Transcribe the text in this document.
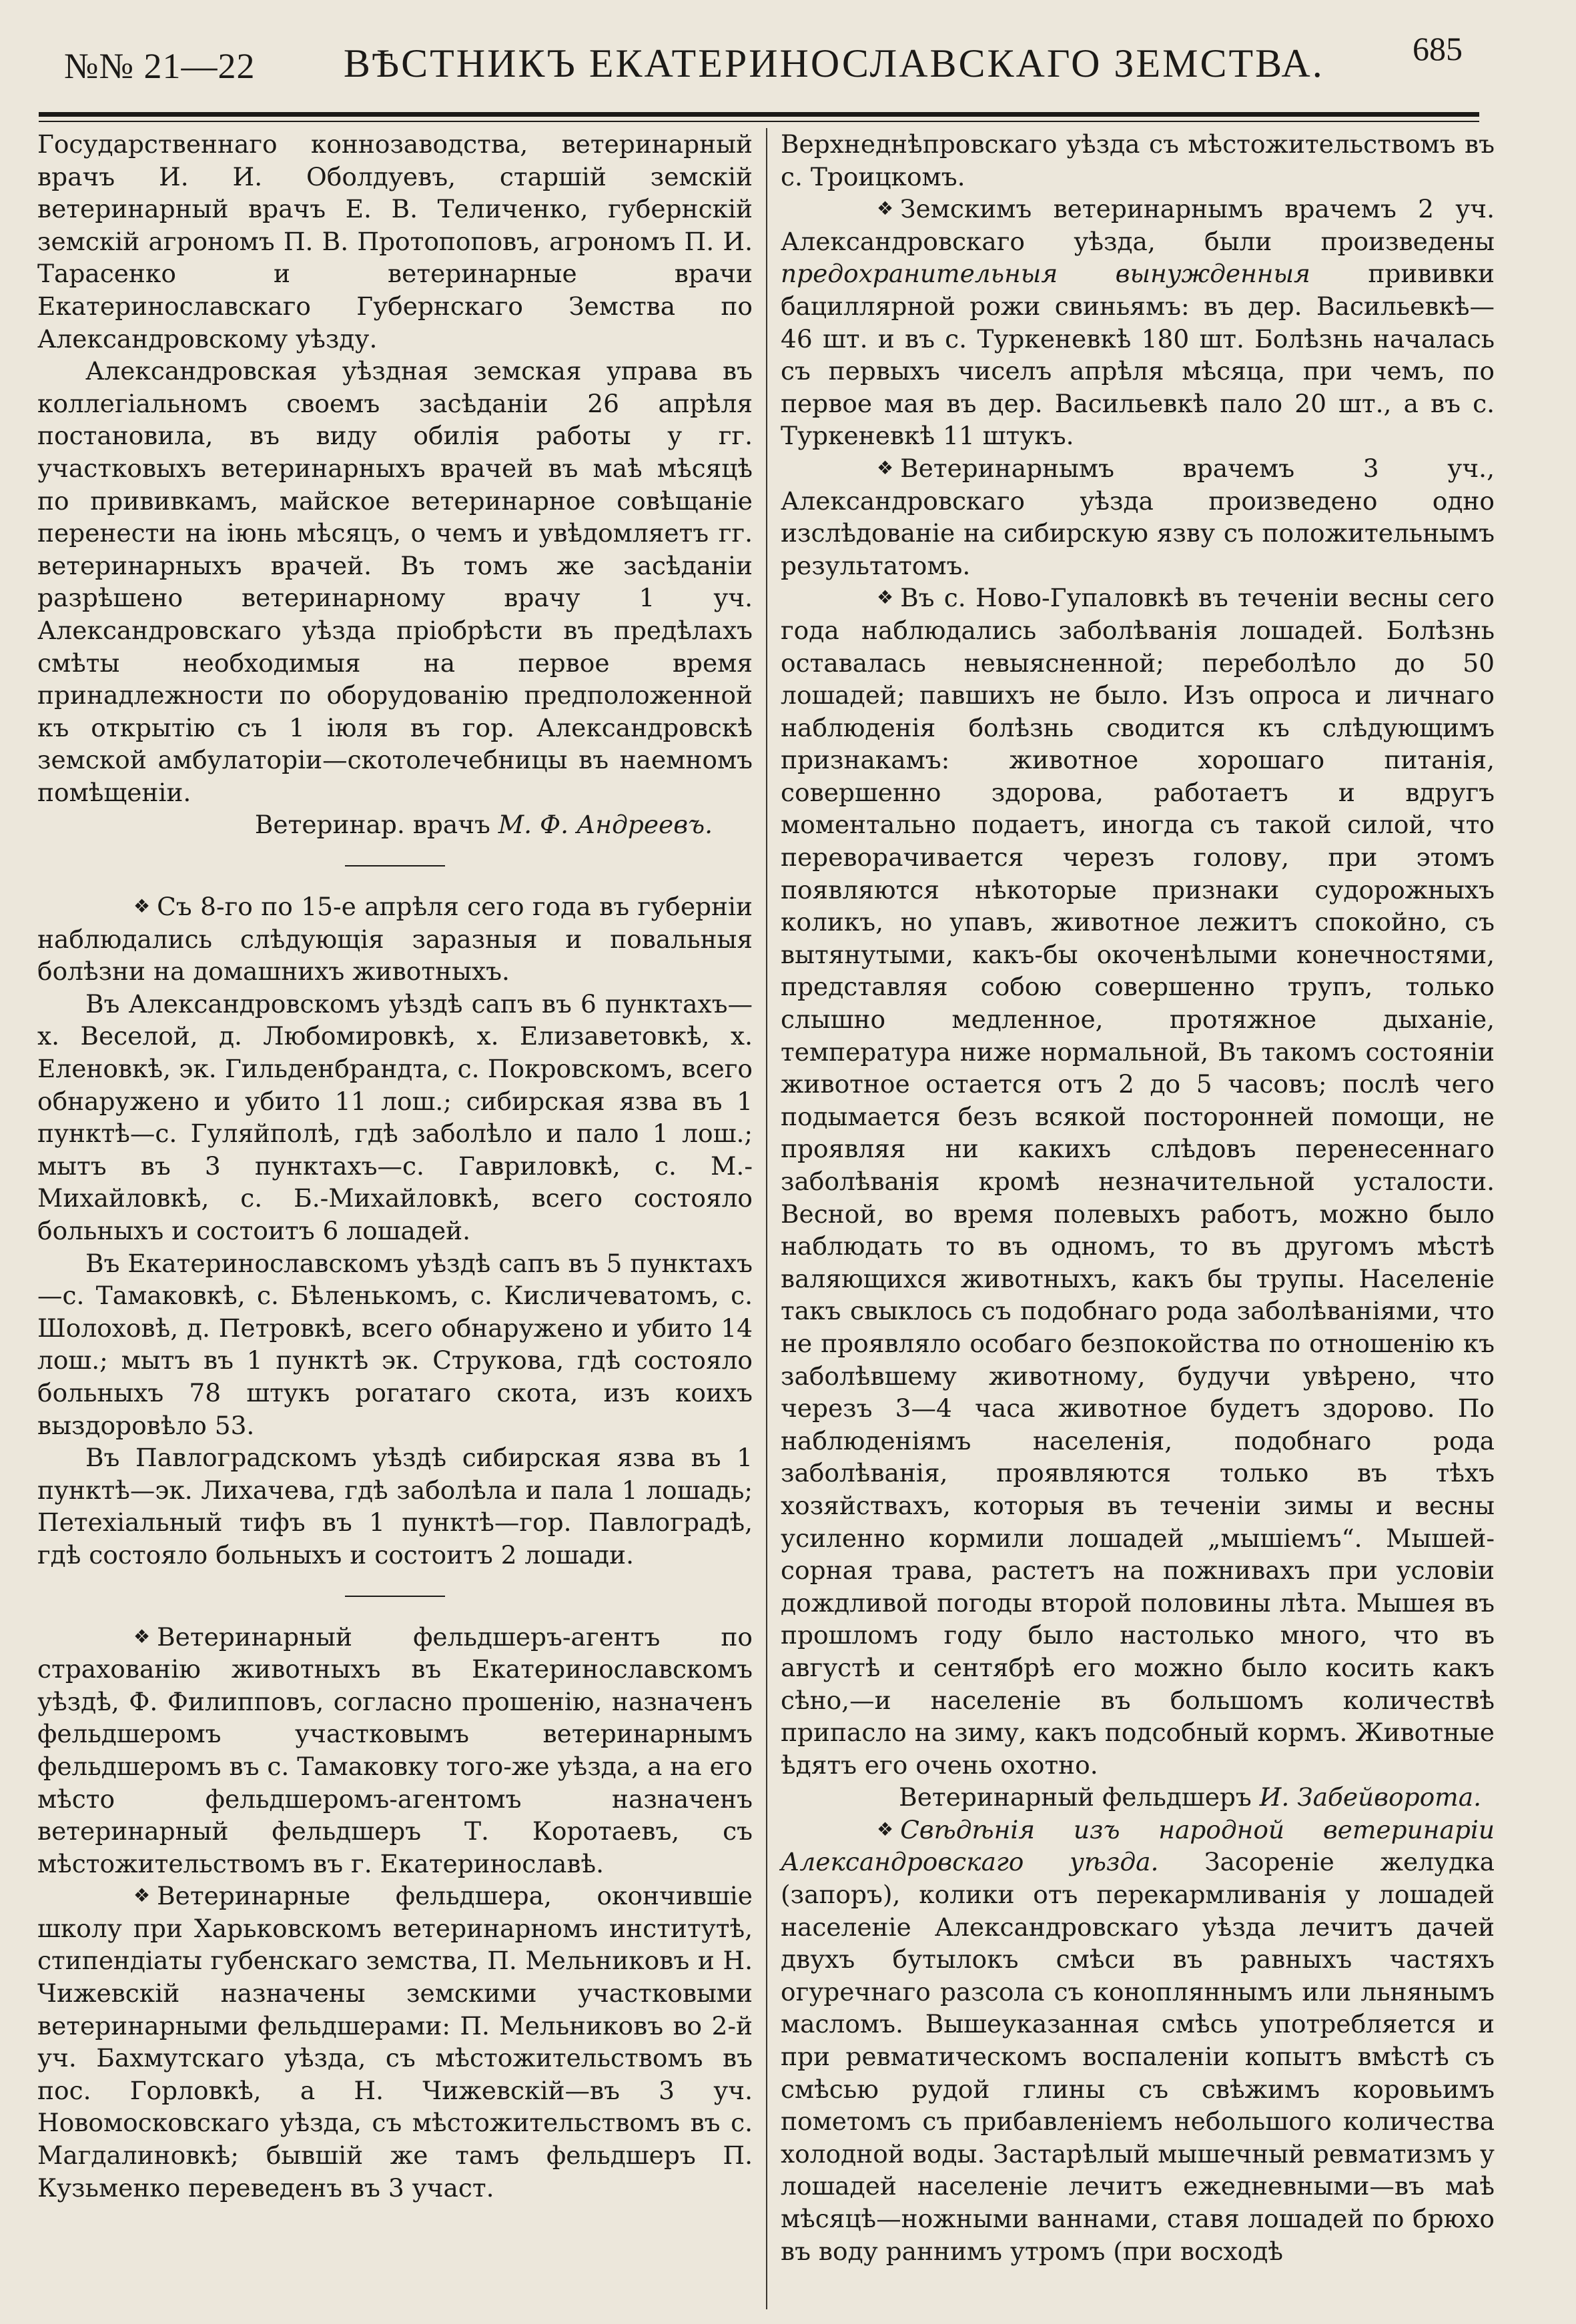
№№ 21—22 ВѢСТНИКЪ ЕКАТЕРИНОСЛАВСКАГО ЗЕМСТВА.	685

Государственнаго коннозаводства, ветеринарный врачъ И. И. Оболдуевъ, старшій земскій ветеринарный врачъ Е. В. Теличенко, губернскій земскій агрономъ П. В. Протопоповъ, агрономъ П. И. Тарасенко и ветеринарные врачи Екатеринославскаго Губернскаго Земства по Александровскому уѣзду.

Александровская уѣздная земская управа въ коллегіальномъ своемъ засѣданіи 26 апрѣля постановила, въ виду обилія работы у гг. участковыхъ ветеринарныхъ врачей въ маѣ мѣсяцѣ по прививкамъ, майское ветеринарное совѣщаніе перенести на іюнь мѣсяцъ, о чемъ и увѣдомляетъ гг. ветеринарныхъ врачей. Въ томъ же засѣданіи разрѣшено ветеринарному врачу 1 уч. Александровскаго уѣзда пріобрѣсти въ предѣлахъ смѣты необходимыя на первое время принадлежности по оборудованію предположенной къ открытію съ 1 іюля въ гор. Александровскѣ земской амбулаторіи—скотолечебницы въ наемномъ помѣщеніи.

Ветеринар. врачъ М. Ф. Андреевъ.

❖ Съ 8-го по 15-е апрѣля сего года въ губерніи наблюдались слѣдующія заразныя и повальныя болѣзни на домашнихъ животныхъ.

Въ Александровскомъ уѣздѣ сапъ въ 6 пунктахъ—х. Веселой, д. Любомировкѣ, х. Елизаветовкѣ, х. Еленовкѣ, эк. Гильденбрандта, с. Покровскомъ, всего обнаружено и убито 11 лош.; сибирская язва въ 1 пунктѣ—с. Гуляйполѣ, гдѣ заболѣло и пало 1 лош.; мытъ въ 3 пунктахъ—с. Гавриловкѣ, с. М.-Михайловкѣ, с. Б.-Михайловкѣ, всего состояло больныхъ и состоитъ 6 лошадей.

Въ Екатеринославскомъ уѣздѣ сапъ въ 5 пунктахъ—с. Тамаковкѣ, с. Бѣленькомъ, с. Кисличеватомъ, с. Шолоховѣ, д. Петровкѣ, всего обнаружено и убито 14 лош.; мытъ въ 1 пунктѣ эк. Струкова, гдѣ состояло больныхъ 78 штукъ рогатаго скота, изъ коихъ выздоровѣло 53.

Въ Павлоградскомъ уѣздѣ сибирская язва въ 1 пунктѣ—эк. Лихачева, гдѣ заболѣла и пала 1 лошадь; Петехіальный тифъ въ 1 пунктѣ—гор. Павлоградѣ, гдѣ состояло больныхъ и состоитъ 2 лошади.

❖ Ветеринарный фельдшеръ-агентъ по страхованію животныхъ въ Екатеринославскомъ уѣздѣ, Ф. Филипповъ, согласно прошенію, назначенъ фельдшеромъ участковымъ ветеринарнымъ фельдшеромъ въ с. Тамаковку того-же уѣзда, а на его мѣсто фельдшеромъ-агентомъ назначенъ ветеринарный фельдшеръ Т. Коротаевъ, съ мѣстожительствомъ въ г. Екатеринославѣ.

❖ Ветеринарные фельдшера, окончившіе школу при Харьковскомъ ветеринарномъ институтѣ, стипендіаты губенскаго земства, П. Мельниковъ и Н. Чижевскій назначены земскими участковыми ветеринарными фельдшерами: П. Мельниковъ во 2-й уч. Бахмутскаго уѣзда, съ мѣстожительствомъ въ пос. Горловкѣ, а Н. Чижевскій—въ 3 уч. Новомосковскаго уѣзда, съ мѣстожительствомъ въ с. Магдалиновкѣ; бывшій же тамъ фельдшеръ П. Кузьменко переведенъ въ 3 участ.

Верхнеднѣпровскаго уѣзда съ мѣстожительствомъ въ с. Троицкомъ.

❖ Земскимъ ветеринарнымъ врачемъ 2 уч. Александровскаго уѣзда, были произведены предохранительныя вынужденныя прививки бациллярной рожи свиньямъ: въ дер. Васильевкѣ—46 шт. и въ с. Туркеневкѣ 180 шт. Болѣзнь началась съ первыхъ чиселъ апрѣля мѣсяца, при чемъ, по первое мая въ дер. Васильевкѣ пало 20 шт., а въ с. Туркеневкѣ 11 штукъ.

❖ Ветеринарнымъ врачемъ 3 уч., Александровскаго уѣзда произведено одно изслѣдованіе на сибирскую язву съ положительнымъ результатомъ.

❖ Въ с. Ново-Гупаловкѣ въ теченіи весны сего года наблюдались заболѣванія лошадей. Болѣзнь оставалась невыясненной; переболѣло до 50 лошадей; павшихъ не было. Изъ опроса и личнаго наблюденія болѣзнь сводится къ слѣдующимъ признакамъ: животное хорошаго питанія, совершенно здорова, работаетъ и вдругъ моментально подаетъ, иногда съ такой силой, что переворачивается черезъ голову, при этомъ появляются нѣкоторые признаки судорожныхъ коликъ, но упавъ, животное лежитъ спокойно, съ вытянутыми, какъ-бы окоченѣлыми конечностями, представляя собою совершенно трупъ, только слышно медленное, протяжное дыханіе, температура ниже нормальной, Въ такомъ состояніи животное остается отъ 2 до 5 часовъ; послѣ чего подымается безъ всякой посторонней помощи, не проявляя ни какихъ слѣдовъ перенесеннаго заболѣванія кромѣ незначительной усталости. Весной, во время полевыхъ работъ, можно было наблюдать то въ одномъ, то въ другомъ мѣстѣ валяющихся животныхъ, какъ бы трупы. Населеніе такъ свыклось съ подобнаго рода заболѣваніями, что не проявляло особаго безпокойства по отношенію къ заболѣвшему животному, будучи увѣрено, что черезъ 3—4 часа животное будетъ здорово. По наблюденіямъ населенія, подобнаго рода заболѣванія, проявляются только въ тѣхъ хозяйствахъ, которыя въ теченіи зимы и весны усиленно кормили лошадей „мышіемъ“. Мышей-сорная трава, растетъ на пожнивахъ при условіи дождливой погоды второй половины лѣта. Мышея въ прошломъ году было настолько много, что въ августѣ и сентябрѣ его можно было косить какъ сѣно,—и населеніе въ большомъ количествѣ припасло на зиму, какъ подсобный кормъ. Животные ѣдятъ его очень охотно.

Ветеринарный фельдшеръ И. Забейворота.

❖ Свѣдѣнія изъ народной ветеринаріи Александровскаго уѣзда. Засореніе желудка (запоръ), колики отъ перекармливанія у лошадей населеніе Александровскаго уѣзда лечитъ дачей двухъ бутылокъ смѣси въ равныхъ частяхъ огуречнаго разсола съ конопляннымъ или льнянымъ масломъ. Вышеуказанная смѣсь употребляется и при ревматическомъ воспаленіи копытъ вмѣстѣ съ смѣсью рудой глины съ свѣжимъ коровьимъ пометомъ съ прибавленіемъ небольшого количества холодной воды. Застарѣлый мышечный ревматизмъ у лошадей населеніе лечитъ ежедневными—въ маѣ мѣсяцѣ—ножными ваннами, ставя лошадей по брюхо въ воду раннимъ утромъ (при восходѣ
